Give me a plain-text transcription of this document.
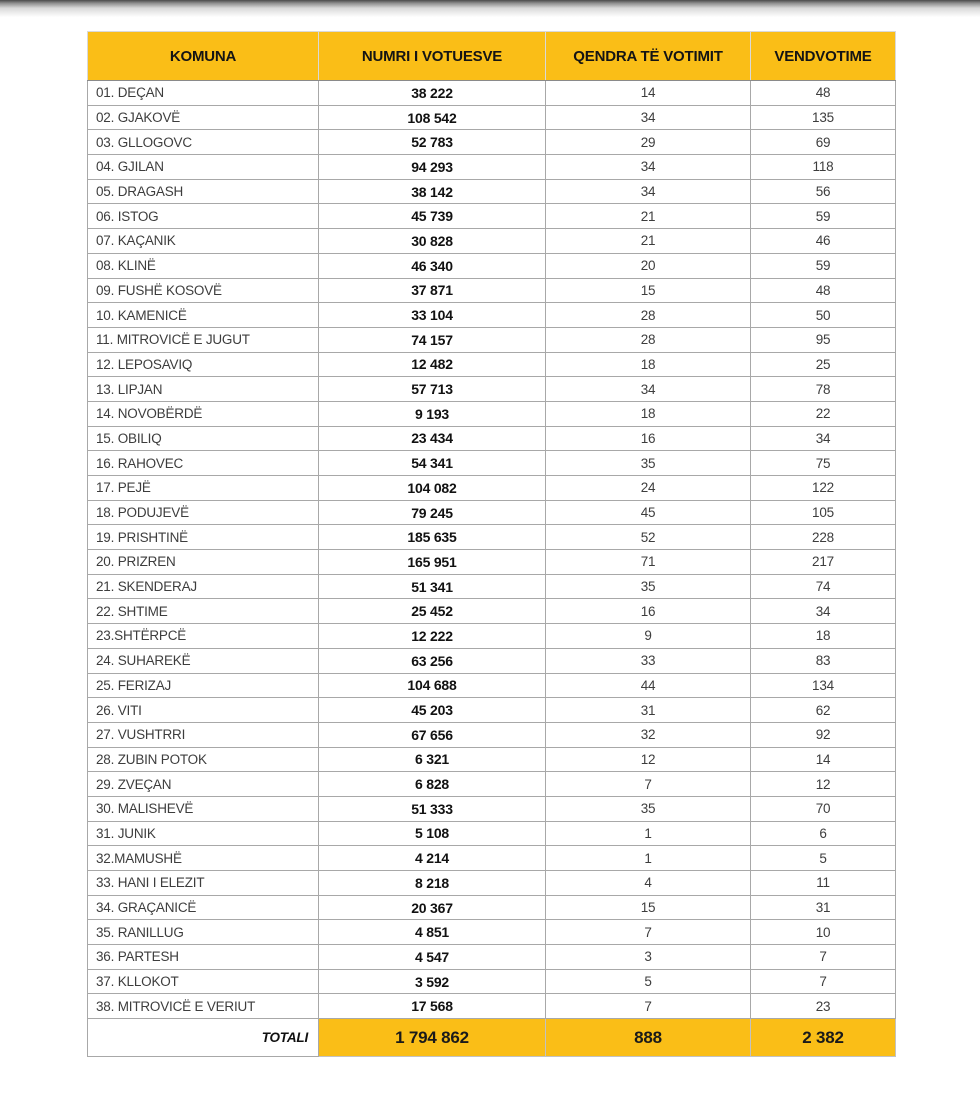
KOMUNA	NUMRI I VOTUESVE	QENDRA TË VOTIMIT	VENDVOTIME
01. DEÇAN	38 222	14	48
02. GJAKOVË	108 542	34	135
03. GLLOGOVC	52 783	29	69
04. GJILAN	94 293	34	118
05. DRAGASH	38 142	34	56
06. ISTOG	45 739	21	59
07. KAÇANIK	30 828	21	46
08. KLINË	46 340	20	59
09. FUSHË KOSOVË	37 871	15	48
10. KAMENICË	33 104	28	50
11. MITROVICË E JUGUT	74 157	28	95
12. LEPOSAVIQ	12 482	18	25
13. LIPJAN	57 713	34	78
14. NOVOBËRDË	9 193	18	22
15. OBILIQ	23 434	16	34
16. RAHOVEC	54 341	35	75
17. PEJË	104 082	24	122
18. PODUJEVË	79 245	45	105
19. PRISHTINË	185 635	52	228
20. PRIZREN	165 951	71	217
21. SKENDERAJ	51 341	35	74
22. SHTIME	25 452	16	34
23.SHTËRPCË	12 222	9	18
24. SUHAREKË	63 256	33	83
25. FERIZAJ	104 688	44	134
26. VITI	45 203	31	62
27. VUSHTRRI	67 656	32	92
28. ZUBIN POTOK	6 321	12	14
29. ZVEÇAN	6 828	7	12
30. MALISHEVË	51 333	35	70
31. JUNIK	5 108	1	6
32.MAMUSHË	4 214	1	5
33. HANI I ELEZIT	8 218	4	11
34. GRAÇANICË	20 367	15	31
35. RANILLUG	4 851	7	10
36. PARTESH	4 547	3	7
37. KLLOKOT	3 592	5	7
38. MITROVICË E VERIUT	17 568	7	23
TOTALI	1 794 862	888	2 382
